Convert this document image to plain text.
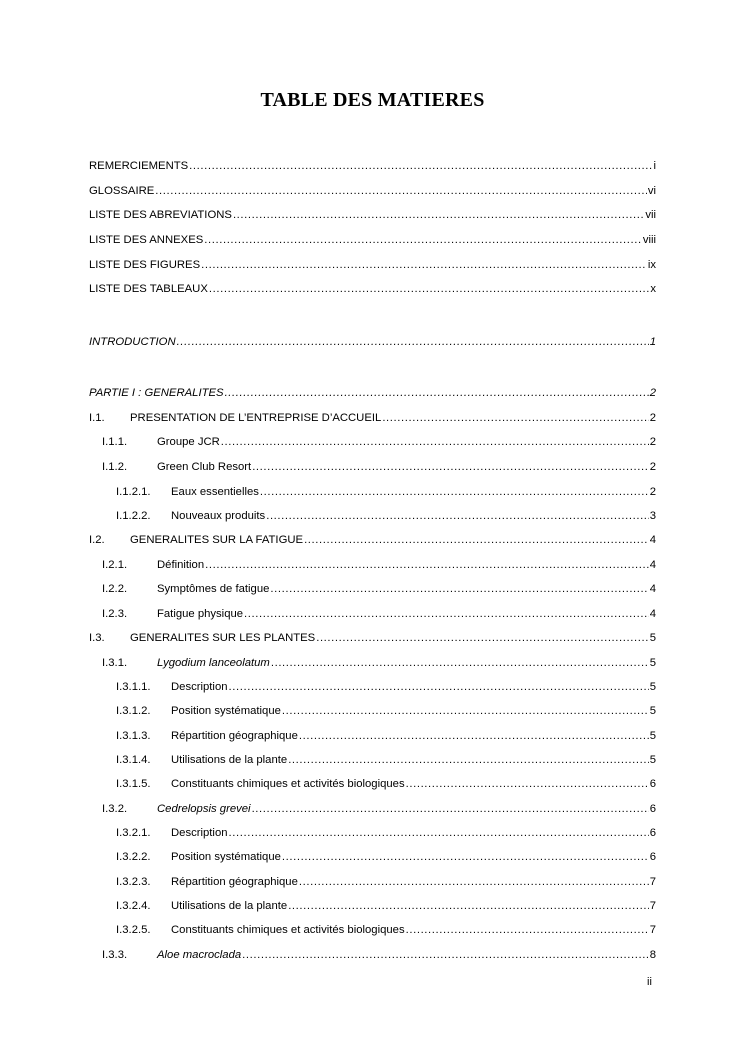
TABLE DES MATIERES
REMERCIEMENTS .....	i
GLOSSAIRE .....	vi
LISTE DES ABREVIATIONS .....	vii
LISTE DES ANNEXES .....	viii
LISTE DES FIGURES .....	ix
LISTE DES TABLEAUX .....	x
INTRODUCTION .....	1
PARTIE I : GENERALITES .....	2
I.1.	PRESENTATION DE L’ENTREPRISE D’ACCUEIL .....	2
I.1.1.	Groupe JCR .....	2
I.1.2.	Green Club Resort .....	2
I.1.2.1.	Eaux essentielles .....	2
I.1.2.2.	Nouveaux produits .....	3
I.2.	GENERALITES SUR LA FATIGUE .....	4
I.2.1.	Définition .....	4
I.2.2.	Symptômes de fatigue .....	4
I.2.3.	Fatigue physique .....	4
I.3.	GENERALITES SUR LES PLANTES .....	5
I.3.1.	Lygodium lanceolatum .....	5
I.3.1.1.	Description .....	5
I.3.1.2.	Position systématique .....	5
I.3.1.3.	Répartition géographique .....	5
I.3.1.4.	Utilisations de la plante .....	5
I.3.1.5.	Constituants chimiques et activités biologiques .....	6
I.3.2.	Cedrelopsis grevei .....	6
I.3.2.1.	Description .....	6
I.3.2.2.	Position systématique .....	6
I.3.2.3.	Répartition géographique .....	7
I.3.2.4.	Utilisations de la plante .....	7
I.3.2.5.	Constituants chimiques et activités biologiques .....	7
I.3.3.	Aloe macroclada .....	8
ii
